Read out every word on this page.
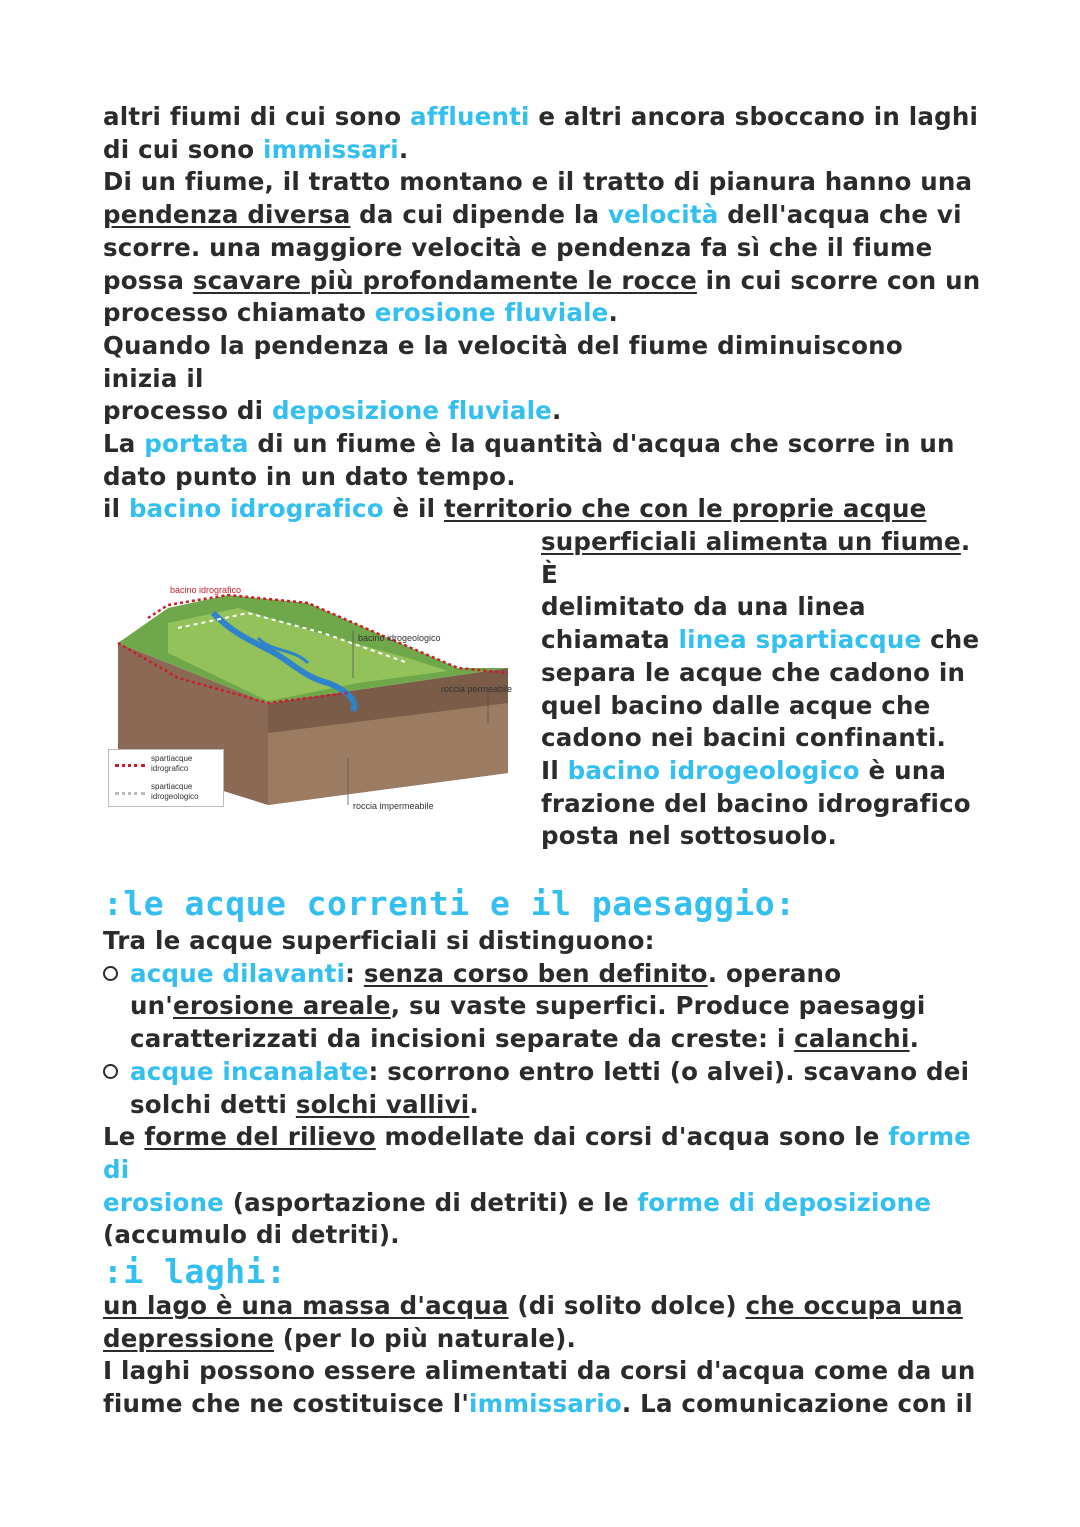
altri fiumi di cui sono affluenti e altri ancora sboccano in laghi

di cui sono immissari.

Di un fiume, il tratto montano e il tratto di pianura hanno una

pendenza diversa da cui dipende la velocità dell'acqua che vi

scorre. una maggiore velocità e pendenza fa sì che il fiume

possa scavare più profondamente le rocce in cui scorre con un

processo chiamato erosione fluviale.

Quando la pendenza e la velocità del fiume diminuiscono inizia il

processo di deposizione fluviale.

La portata di un fiume è la quantità d'acqua che scorre in un

dato punto in un dato tempo.

il bacino idrografico è il territorio che con le proprie acque

superficiali alimenta un fiume. È

delimitato da una linea

chiamata linea spartiacque che

separa le acque che cadono in

quel bacino dalle acque che

cadono nei bacini confinanti.

Il bacino idrogeologico è una

frazione del bacino idrografico

posta nel sottosuolo.

bacino idrografico
bacino idrogeologico
roccia permeabile
roccia impermeabile
spartiacque
idrografico
spartiacque
idrogeologico
:le acque correnti e il paesaggio:

Tra le acque superficiali si distinguono:

acque dilavanti: senza corso ben definito. operano

un'erosione areale, su vaste superfici. Produce paesaggi

caratterizzati da incisioni separate da creste: i calanchi.

acque incanalate: scorrono entro letti (o alvei). scavano dei

solchi detti solchi vallivi.

Le forme del rilievo modellate dai corsi d'acqua sono le forme di

erosione (asportazione di detriti) e le forme di deposizione

(accumulo di detriti).

:i laghi:

un lago è una massa d'acqua (di solito dolce) che occupa una

depressione (per lo più naturale).

I laghi possono essere alimentati da corsi d'acqua come da un

fiume che ne costituisce l'immissario. La comunicazione con il
